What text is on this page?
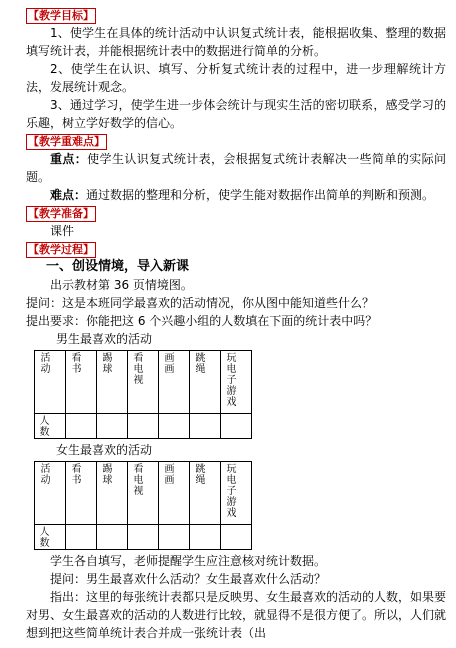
【教学目标】
1、使学生在具体的统计活动中认识复式统计表，能根据收集、整理的数据填写统计表，并能根据统计表中的数据进行简单的分析。
2、使学生在认识、填写、分析复式统计表的过程中，进一步理解统计方法，发展统计观念。
3、通过学习，使学生进一步体会统计与现实生活的密切联系，感受学习的乐趣，树立学好数学的信心。
【教学重难点】
重点：使学生认识复式统计表，会根据复式统计表解决一些简单的实际问题。
难点：通过数据的整理和分析，使学生能对数据作出简单的判断和预测。
【教学准备】
课件
【教学过程】
一、创设情境，导入新课
出示教材第 36 页情境图。
提问：这是本班同学最喜欢的活动情况，你从图中能知道些什么？
提出要求：你能把这 6 个兴趣小组的人数填在下面的统计表中吗？
男生最喜欢的活动
活动	看书	踢球	看电视	画画	跳绳	玩电子游戏
人数						
女生最喜欢的活动
活动	看书	踢球	看电视	画画	跳绳	玩电子游戏
人数						
学生各自填写，老师提醒学生应注意核对统计数据。
提问：男生最喜欢什么活动？女生最喜欢什么活动？
指出：这里的每张统计表都只是反映男、女生最喜欢的活动的人数，如果要对男、女生最喜欢的活动的人数进行比较，就显得不是很方便了。所以，人们就想到把这些简单统计表合并成一张统计表（出
